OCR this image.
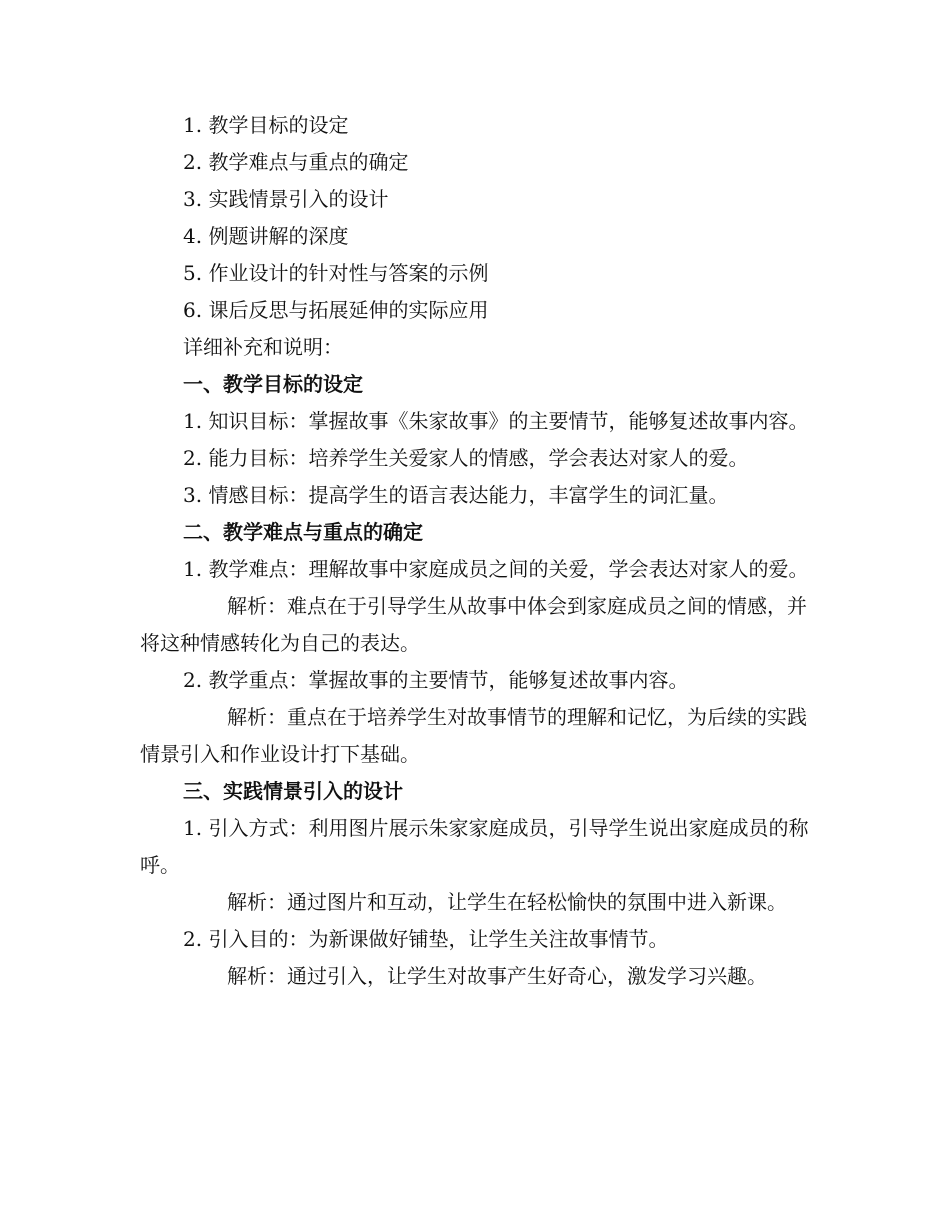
1. 教学目标的设定

2. 教学难点与重点的确定

3. 实践情景引入的设计

4. 例题讲解的深度

5. 作业设计的针对性与答案的示例

6. 课后反思与拓展延伸的实际应用

详细补充和说明：

一、教学目标的设定

1. 知识目标：掌握故事《朱家故事》的主要情节，能够复述故事内容。

2. 能力目标：培养学生关爱家人的情感，学会表达对家人的爱。

3. 情感目标：提高学生的语言表达能力，丰富学生的词汇量。

二、教学难点与重点的确定

1. 教学难点：理解故事中家庭成员之间的关爱，学会表达对家人的爱。

解析：难点在于引导学生从故事中体会到家庭成员之间的情感，并将这种情感转化为自己的表达。

2. 教学重点：掌握故事的主要情节，能够复述故事内容。

解析：重点在于培养学生对故事情节的理解和记忆，为后续的实践情景引入和作业设计打下基础。

三、实践情景引入的设计

1. 引入方式：利用图片展示朱家家庭成员，引导学生说出家庭成员的称呼。

解析：通过图片和互动，让学生在轻松愉快的氛围中进入新课。

2. 引入目的：为新课做好铺垫，让学生关注故事情节。

解析：通过引入，让学生对故事产生好奇心，激发学习兴趣。
